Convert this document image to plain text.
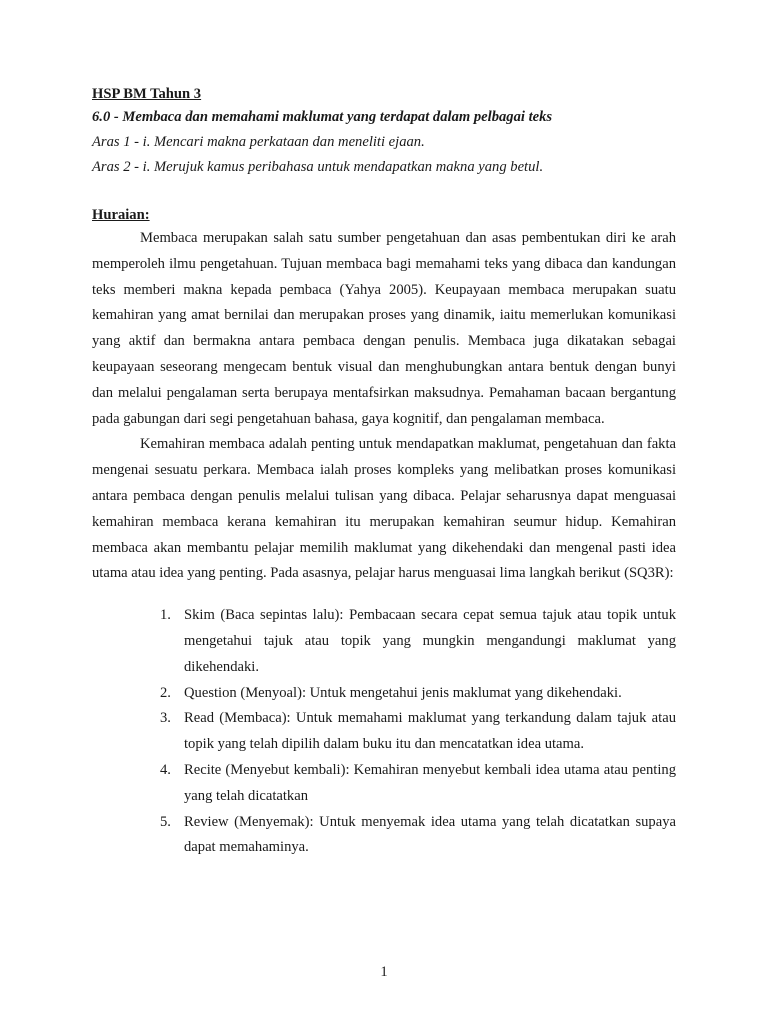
HSP BM Tahun 3

6.0 - Membaca dan memahami maklumat yang terdapat dalam pelbagai teks

Aras 1 - i. Mencari makna perkataan dan meneliti ejaan.

Aras 2 - i. Merujuk kamus peribahasa untuk mendapatkan makna yang betul.

Huraian:

Membaca merupakan salah satu sumber pengetahuan dan asas pembentukan diri ke arah memperoleh ilmu pengetahuan. Tujuan membaca bagi memahami teks yang dibaca dan kandungan teks memberi makna kepada pembaca (Yahya 2005). Keupayaan membaca merupakan suatu kemahiran yang amat bernilai dan merupakan proses yang dinamik, iaitu memerlukan komunikasi yang aktif dan bermakna antara pembaca dengan penulis. Membaca juga dikatakan sebagai keupayaan seseorang mengecam bentuk visual dan menghubungkan antara bentuk dengan bunyi dan melalui pengalaman serta berupaya mentafsirkan maksudnya. Pemahaman bacaan bergantung pada gabungan dari segi pengetahuan bahasa, gaya kognitif, dan pengalaman membaca.

Kemahiran membaca adalah penting untuk mendapatkan maklumat, pengetahuan dan fakta mengenai sesuatu perkara. Membaca ialah proses kompleks yang melibatkan proses komunikasi antara pembaca dengan penulis melalui tulisan yang dibaca. Pelajar seharusnya dapat menguasai kemahiran membaca kerana kemahiran itu merupakan kemahiran seumur hidup. Kemahiran membaca akan membantu pelajar memilih maklumat yang dikehendaki dan mengenal pasti idea utama atau idea yang penting. Pada asasnya, pelajar harus menguasai lima langkah berikut (SQ3R):

1. Skim (Baca sepintas lalu): Pembacaan secara cepat semua tajuk atau topik untuk mengetahui tajuk atau topik yang mungkin mengandungi maklumat yang dikehendaki.
2. Question (Menyoal): Untuk mengetahui jenis maklumat yang dikehendaki.
3. Read (Membaca): Untuk memahami maklumat yang terkandung dalam tajuk atau topik yang telah dipilih dalam buku itu dan mencatatkan idea utama.
4. Recite (Menyebut kembali): Kemahiran menyebut kembali idea utama atau penting yang telah dicatatkan
5. Review (Menyemak): Untuk menyemak idea utama yang telah dicatatkan supaya dapat memahaminya.
1
